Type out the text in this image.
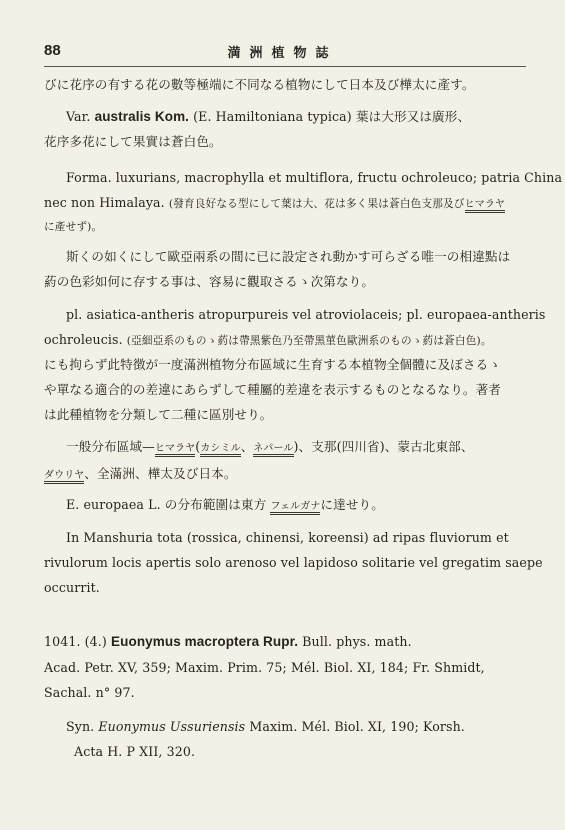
88	満洲植物誌
びに花序の有する花の數等極端に不同なる植物にして日本及び樺太に產す。
Var. australis Kom. (E. Hamiltoniana typica) 葉は大形又は廣形、
花序多花にして果實は蒼白色。
Forma. luxurians, macrophylla et multiflora, fructu ochroleuco; patria China
nec non Himalaya. (發育良好なる型にして葉は大、花は多く果は蒼白色支那及びヒマラヤ
に產せず)。
斯くの如くにして歐亞兩系の間に已に設定され動かす可らざる唯一の相違點は
葯の色彩如何に存する事は、容易に觀取さるゝ次第なり。
pl. asiatica-antheris atropurpureis vel atroviolaceis; pl. europaea-antheris
ochroleucis. (亞細亞系のものゝ葯は帶黑紫色乃至帶黑菫色歐洲系のものゝ葯は蒼白色)。
にも拘らず此特徴が一度滿洲植物分布區域に生育する本植物全個體に及ぼさるゝ
や單なる適合的の差違にあらずして種屬的差違を表示するものとなるなり。著者
は此種植物を分類して二種に區別せり。
一般分布區域—ヒマラヤ(カシミル、ネパール)、支那(四川省)、蒙古北東部、
ダウリヤ、全滿洲、樺太及び日本。
E. europaea L. の分布範圍は東方 フェルガナに達せり。
In Manshuria tota (rossica, chinensi, koreensi) ad ripas fluviorum et
rivulorum locis apertis solo arenoso vel lapidoso solitarie vel gregatim saepe
occurrit.
1041. (4.) Euonymus macroptera Rupr. Bull. phys. math.
Acad. Petr. XV, 359; Maxim. Prim. 75; Mél. Biol. XI, 184; Fr. Shmidt,
Sachal. n° 97.
Syn. Euonymus Ussuriensis Maxim. Mél. Biol. XI, 190; Korsh.
Acta H. P XII, 320.
